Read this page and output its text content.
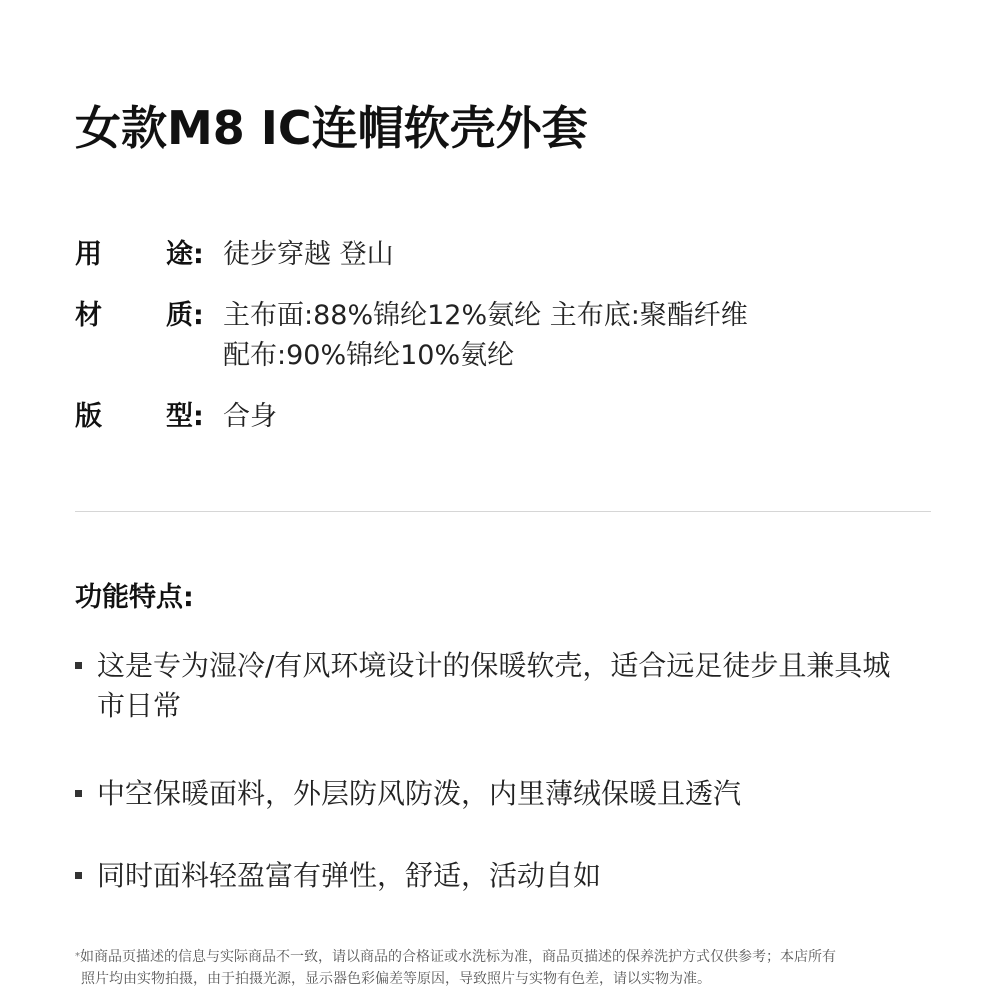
女款M8 IC连帽软壳外套
用	途: 徒步穿越 登山
材	质: 主布面:88%锦纶12%氨纶 主布底:聚酯纤维
配布:90%锦纶10%氨纶
版	型: 合身
功能特点:
这是专为湿冷/有风环境设计的保暖软壳，适合远足徒步且兼具城
市日常
中空保暖面料，外层防风防泼，内里薄绒保暖且透汽
同时面料轻盈富有弹性，舒适，活动自如
*如商品页描述的信息与实际商品不一致，请以商品的合格证或水洗标为准，商品页描述的保养洗护方式仅供参考；本店所有
照片均由实物拍摄，由于拍摄光源，显示器色彩偏差等原因，导致照片与实物有色差，请以实物为准。
